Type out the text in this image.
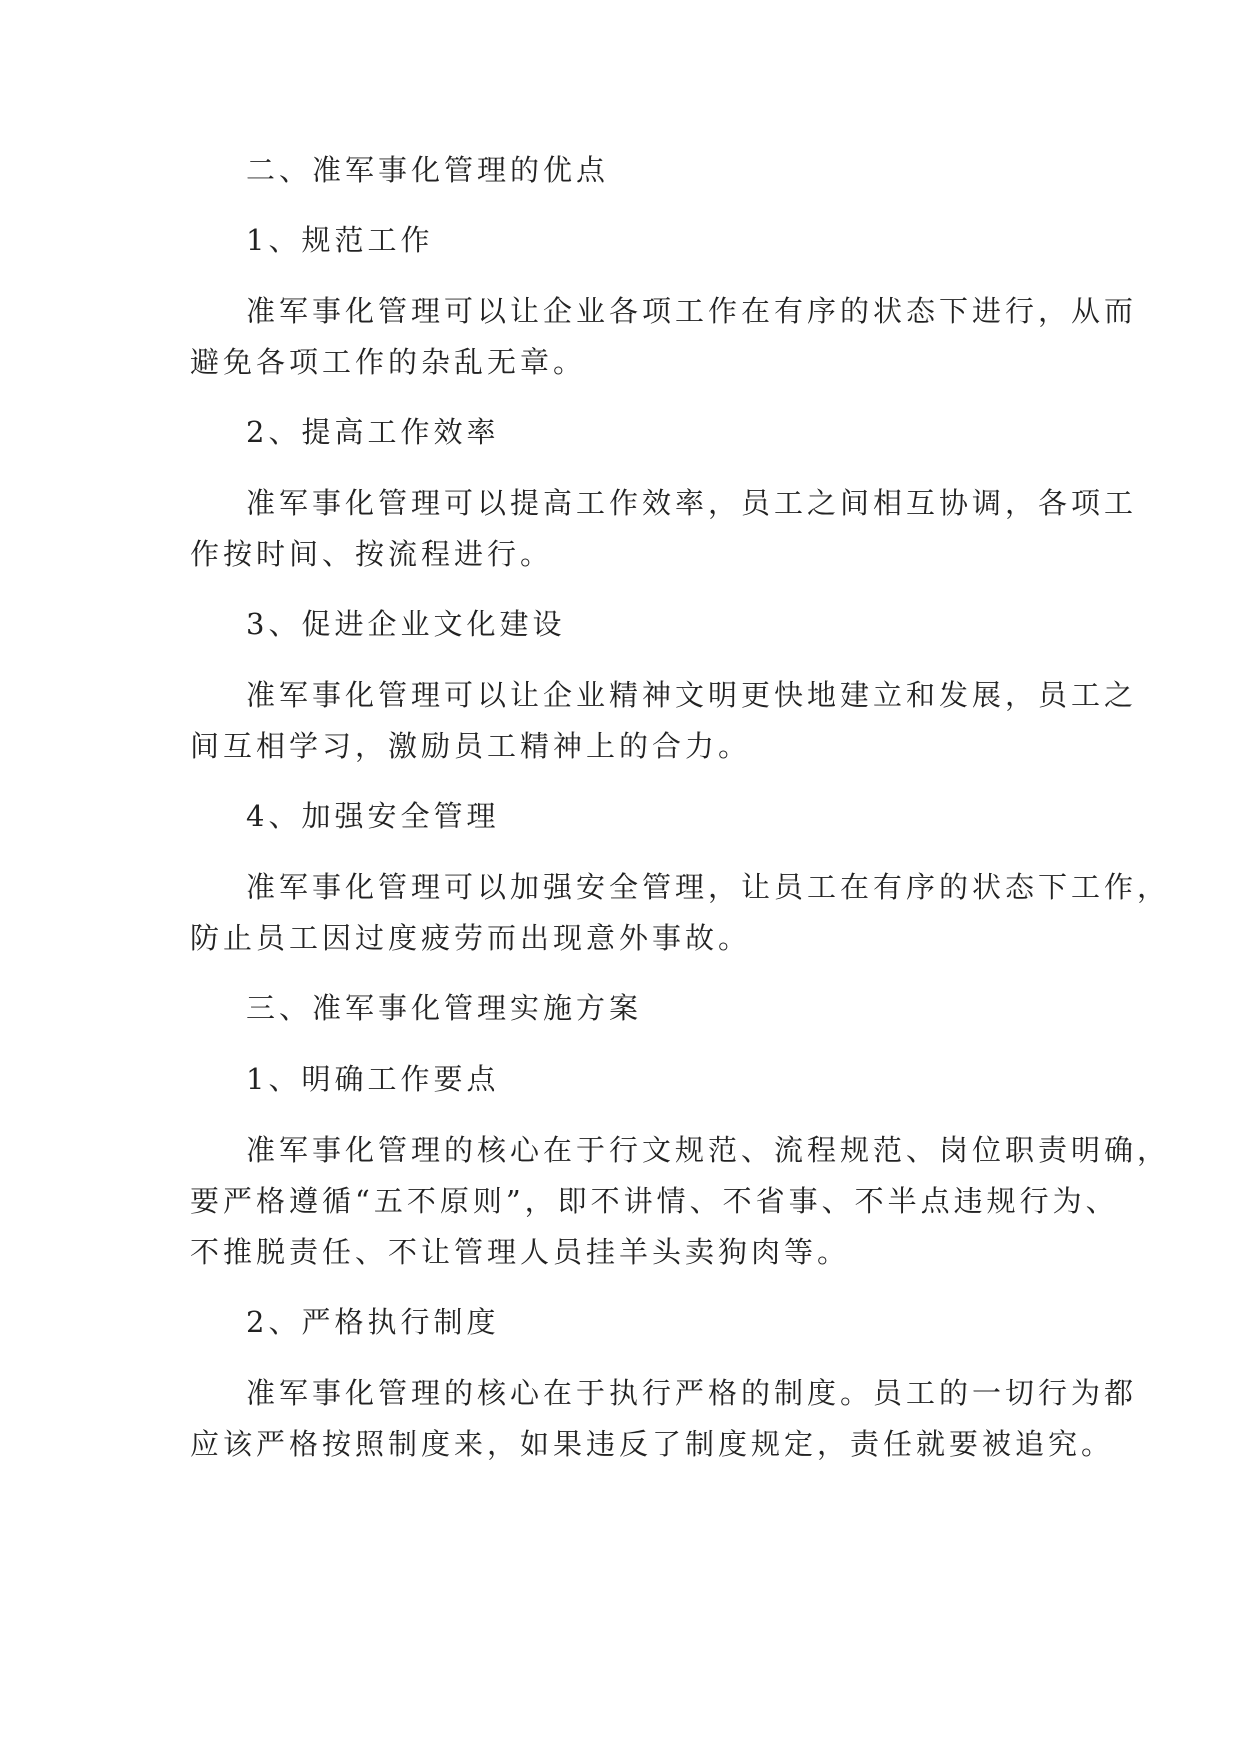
二、准军事化管理的优点
1、规范工作
准军事化管理可以让企业各项工作在有序的状态下进行，从而
避免各项工作的杂乱无章。
2、提高工作效率
准军事化管理可以提高工作效率，员工之间相互协调，各项工
作按时间、按流程进行。
3、促进企业文化建设
准军事化管理可以让企业精神文明更快地建立和发展，员工之
间互相学习，激励员工精神上的合力。
4、加强安全管理
准军事化管理可以加强安全管理，让员工在有序的状态下工作，
防止员工因过度疲劳而出现意外事故。
三、准军事化管理实施方案
1、明确工作要点
准军事化管理的核心在于行文规范、流程规范、岗位职责明确，
要严格遵循“五不原则”，即不讲情、不省事、不半点违规行为、
不推脱责任、不让管理人员挂羊头卖狗肉等。
2、严格执行制度
准军事化管理的核心在于执行严格的制度。员工的一切行为都
应该严格按照制度来，如果违反了制度规定，责任就要被追究。
